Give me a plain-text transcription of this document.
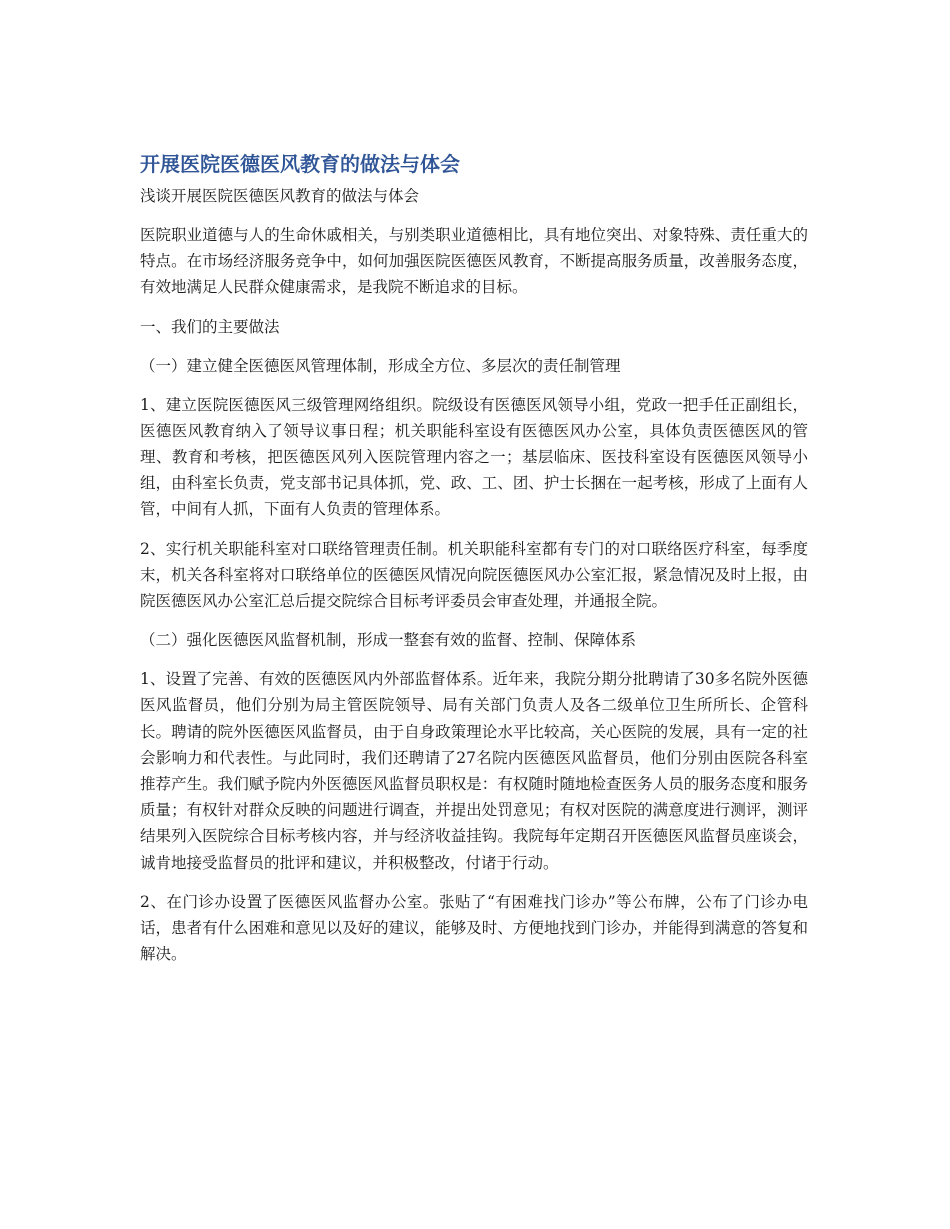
开展医院医德医风教育的做法与体会
浅谈开展医院医德医风教育的做法与体会

医院职业道德与人的生命休戚相关，与别类职业道德相比，具有地位突出、对象特殊、责任重大的特点。在市场经济服务竞争中，如何加强医院医德医风教育，不断提高服务质量，改善服务态度，有效地满足人民群众健康需求，是我院不断追求的目标。

一、我们的主要做法

（一）建立健全医德医风管理体制，形成全方位、多层次的责任制管理

1、建立医院医德医风三级管理网络组织。院级设有医德医风领导小组，党政一把手任正副组长，医德医风教育纳入了领导议事日程；机关职能科室设有医德医风办公室，具体负责医德医风的管理、教育和考核，把医德医风列入医院管理内容之一；基层临床、医技科室设有医德医风领导小组，由科室长负责，党支部书记具体抓，党、政、工、团、护士长捆在一起考核，形成了上面有人管，中间有人抓，下面有人负责的管理体系。

2、实行机关职能科室对口联络管理责任制。机关职能科室都有专门的对口联络医疗科室，每季度末，机关各科室将对口联络单位的医德医风情况向院医德医风办公室汇报，紧急情况及时上报，由院医德医风办公室汇总后提交院综合目标考评委员会审查处理，并通报全院。

（二）强化医德医风监督机制，形成一整套有效的监督、控制、保障体系

1、设置了完善、有效的医德医风内外部监督体系。近年来，我院分期分批聘请了30多名院外医德医风监督员，他们分别为局主管医院领导、局有关部门负责人及各二级单位卫生所所长、企管科长。聘请的院外医德医风监督员，由于自身政策理论水平比较高，关心医院的发展，具有一定的社会影响力和代表性。与此同时，我们还聘请了27名院内医德医风监督员，他们分别由医院各科室推荐产生。我们赋予院内外医德医风监督员职权是：有权随时随地检查医务人员的服务态度和服务质量；有权针对群众反映的问题进行调查，并提出处罚意见；有权对医院的满意度进行测评，测评结果列入医院综合目标考核内容，并与经济收益挂钩。我院每年定期召开医德医风监督员座谈会，诚肯地接受监督员的批评和建议，并积极整改，付诸于行动。

2、在门诊办设置了医德医风监督办公室。张贴了“有困难找门诊办”等公布牌，公布了门诊办电话，患者有什么困难和意见以及好的建议，能够及时、方便地找到门诊办，并能得到满意的答复和解决。
